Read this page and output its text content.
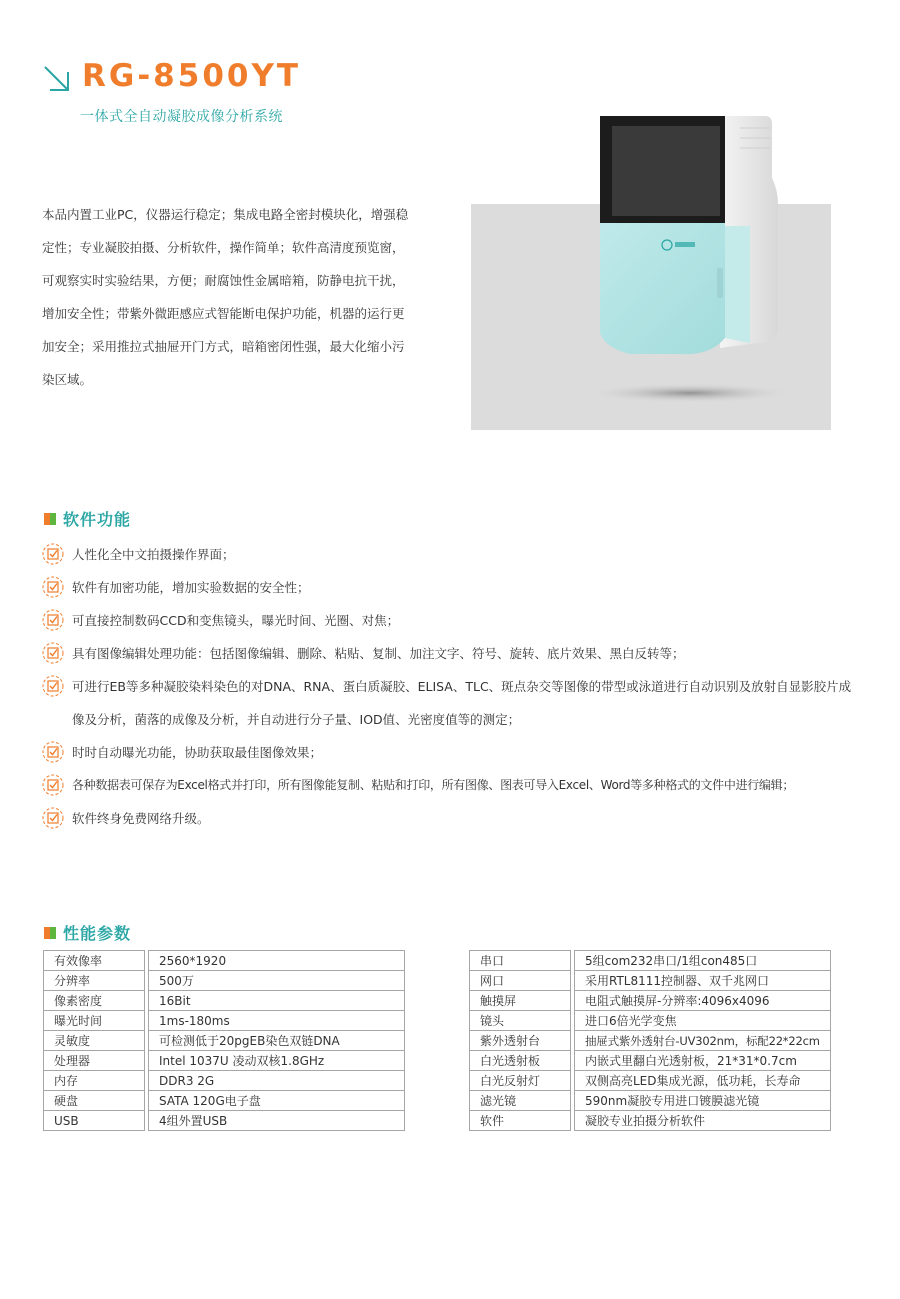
RG-8500YT
一体式全自动凝胶成像分析系统
本品内置工业PC，仪器运行稳定；集成电路全密封模块化，增强稳定性；专业凝胶拍摄、分析软件，操作简单；软件高清度预览窗，可观察实时实验结果，方便；耐腐蚀性金属暗箱，防静电抗干扰，增加安全性；带紫外微距感应式智能断电保护功能，机器的运行更加安全；采用推拉式抽屉开门方式，暗箱密闭性强，最大化缩小污染区域。
软件功能
人性化全中文拍摄操作界面；
软件有加密功能，增加实验数据的安全性；
可直接控制数码CCD和变焦镜头，曝光时间、光圈、对焦；
具有图像编辑处理功能：包括图像编辑、删除、粘贴、复制、加注文字、符号、旋转、底片效果、黑白反转等；
可进行EB等多种凝胶染料染色的对DNA、RNA、蛋白质凝胶、ELISA、TLC、斑点杂交等图像的带型或泳道进行自动识别及放射自显影胶片成像及分析，菌落的成像及分析，并自动进行分子量、IOD值、光密度值等的测定；
时时自动曝光功能，协助获取最佳图像效果；
各种数据表可保存为Excel格式并打印，所有图像能复制、粘贴和打印，所有图像、图表可导入Excel、Word等多种格式的文件中进行编辑；
软件终身免费网络升级。
性能参数
有效像率		2560*1920
分辨率		500万
像素密度		16Bit
曝光时间		1ms-180ms
灵敏度		可检测低于20pgEB染色双链DNA
处理器		Intel 1037U 凌动双核1.8GHz
内存		DDR3 2G
硬盘		SATA 120G电子盘
USB		4组外置USB
串口		5组com232串口/1组con485口
网口		采用RTL8111控制器、双千兆网口
触摸屏		电阻式触摸屏-分辨率:4096x4096
镜头		进口6倍光学变焦
紫外透射台		抽屉式紫外透射台-UV302nm，标配22*22cm
白光透射板		内嵌式里翻白光透射板，21*31*0.7cm
白光反射灯		双侧高亮LED集成光源，低功耗，长寿命
滤光镜		590nm凝胶专用进口镀膜滤光镜
软件		凝胶专业拍摄分析软件
